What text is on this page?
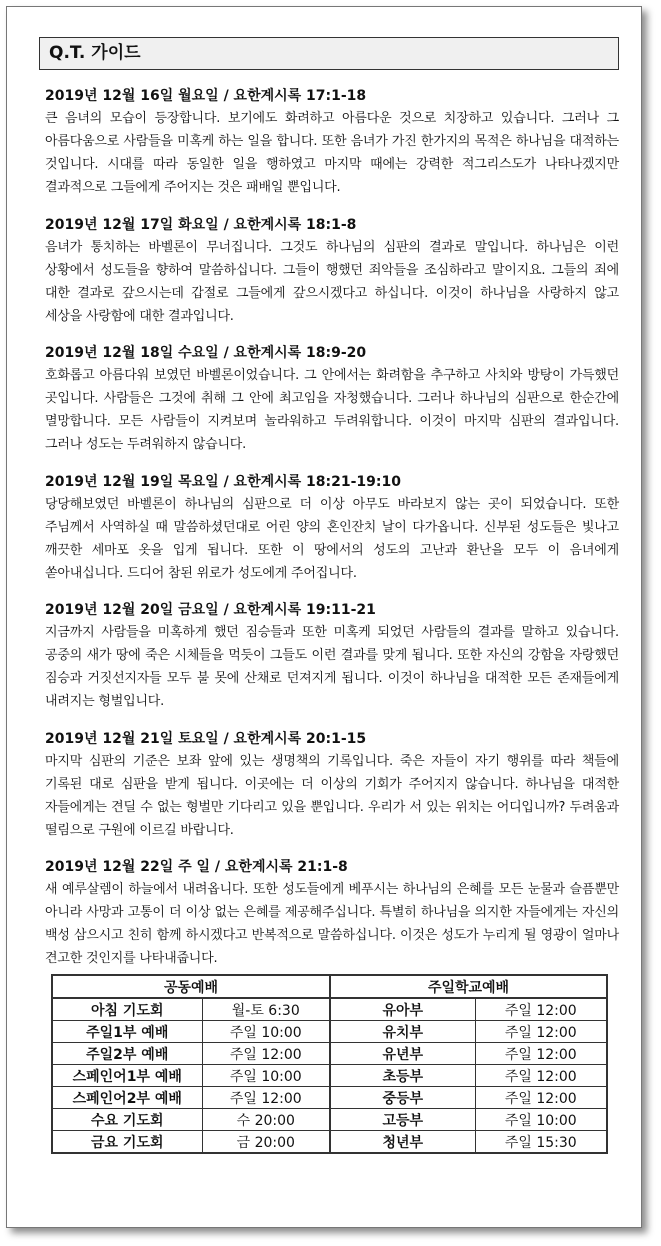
Q.T. 가이드
2019년 12월 16일 월요일 / 요한계시록 17:1-18
큰 음녀의 모습이 등장합니다. 보기에도 화려하고 아름다운 것으로 치장하고 있습니다. 그러나 그 아름다움으로 사람들을 미혹케 하는 일을 합니다. 또한 음녀가 가진 한가지의 목적은 하나님을 대적하는 것입니다. 시대를 따라 동일한 일을 행하였고 마지막 때에는 강력한 적그리스도가 나타나겠지만 결과적으로 그들에게 주어지는 것은 패배일 뿐입니다.
2019년 12월 17일 화요일 / 요한계시록 18:1-8
음녀가 통치하는 바벨론이 무너집니다. 그것도 하나님의 심판의 결과로 말입니다. 하나님은 이런 상황에서 성도들을 향하여 말씀하십니다. 그들이 행했던 죄악들을 조심하라고 말이지요. 그들의 죄에 대한 결과로 갚으시는데 갑절로 그들에게 갚으시겠다고 하십니다. 이것이 하나님을 사랑하지 않고 세상을 사랑함에 대한 결과입니다.
2019년 12월 18일 수요일 / 요한계시록 18:9-20
호화롭고 아름다워 보였던 바벨론이었습니다. 그 안에서는 화려함을 추구하고 사치와 방탕이 가득했던 곳입니다. 사람들은 그것에 취해 그 안에 최고임을 자청했습니다. 그러나 하나님의 심판으로 한순간에 멸망합니다. 모든 사람들이 지켜보며 놀라워하고 두려워합니다. 이것이 마지막 심판의 결과입니다. 그러나 성도는 두려워하지 않습니다.
2019년 12월 19일 목요일 / 요한계시록 18:21-19:10
당당해보였던 바벨론이 하나님의 심판으로 더 이상 아무도 바라보지 않는 곳이 되었습니다. 또한 주님께서 사역하실 때 말씀하셨던대로 어린 양의 혼인잔치 날이 다가옵니다. 신부된 성도들은 빛나고 깨끗한 세마포 옷을 입게 됩니다. 또한 이 땅에서의 성도의 고난과 환난을 모두 이 음녀에게 쏟아내십니다. 드디어 참된 위로가 성도에게 주어집니다.
2019년 12월 20일 금요일 / 요한계시록 19:11-21
지금까지 사람들을 미혹하게 했던 짐승들과 또한 미혹케 되었던 사람들의 결과를 말하고 있습니다. 공중의 새가 땅에 죽은 시체들을 먹듯이 그들도 이런 결과를 맞게 됩니다. 또한 자신의 강함을 자랑했던 짐승과 거짓선지자들 모두 불 못에 산채로 던져지게 됩니다. 이것이 하나님을 대적한 모든 존재들에게 내려지는 형벌입니다.
2019년 12월 21일 토요일 / 요한계시록 20:1-15
마지막 심판의 기준은 보좌 앞에 있는 생명책의 기록입니다. 죽은 자들이 자기 행위를 따라 책들에 기록된 대로 심판을 받게 됩니다. 이곳에는 더 이상의 기회가 주어지지 않습니다. 하나님을 대적한 자들에게는 견딜 수 없는 형벌만 기다리고 있을 뿐입니다. 우리가 서 있는 위치는 어디입니까? 두려움과 떨림으로 구원에 이르길 바랍니다.
2019년 12월 22일 주 일 / 요한계시록 21:1-8
새 예루살렘이 하늘에서 내려옵니다. 또한 성도들에게 베푸시는 하나님의 은혜를 모든 눈물과 슬픔뿐만 아니라 사망과 고통이 더 이상 없는 은혜를 제공해주십니다. 특별히 하나님을 의지한 자들에게는 자신의 백성 삼으시고 친히 함께 하시겠다고 반복적으로 말씀하십니다. 이것은 성도가 누리게 될 영광이 얼마나 견고한 것인지를 나타내줍니다.
공동예배		주일학교예배	
아침 기도회	월-토 6:30	유아부	주일 12:00
주일1부 예배	주일 10:00	유치부	주일 12:00
주일2부 예배	주일 12:00	유년부	주일 12:00
스페인어1부 예배	주일 10:00	초등부	주일 12:00
스페인어2부 예배	주일 12:00	중등부	주일 12:00
수요 기도회	수 20:00	고등부	주일 10:00
금요 기도회	금 20:00	청년부	주일 15:30
